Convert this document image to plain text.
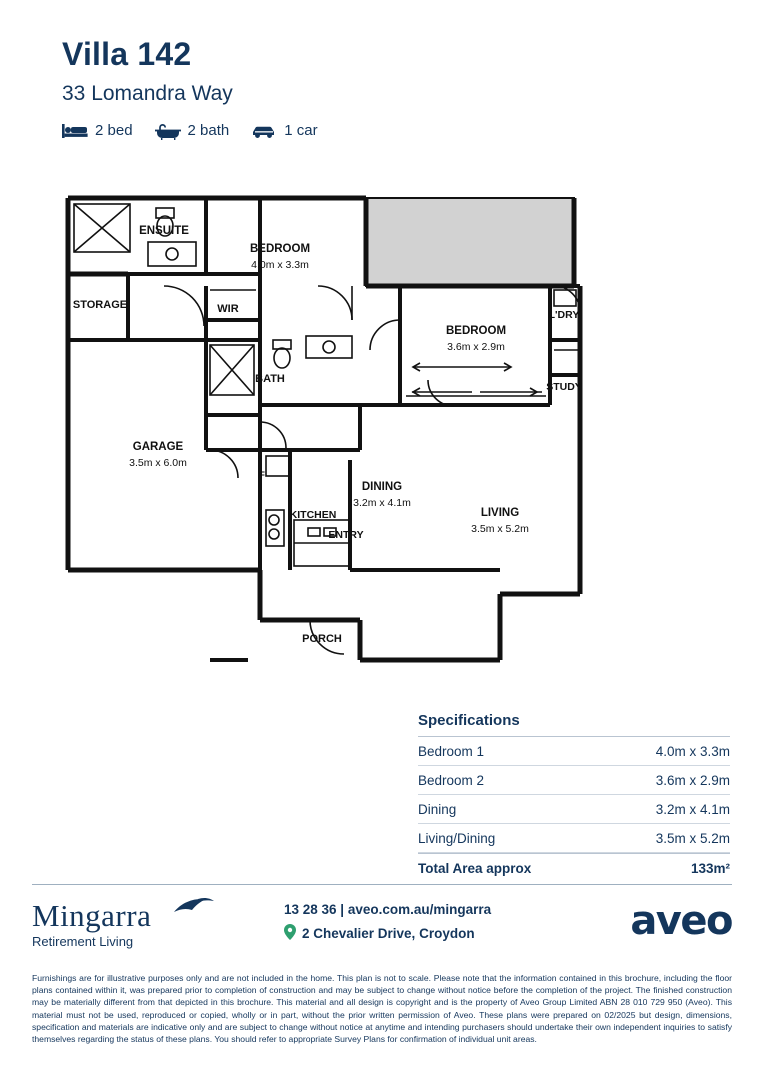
Villa 142
33 Lomandra Way
2 bed	2 bath	1 car
ENSUITE
BEDROOM
4.0m x 3.3m
STORAGE	WIR
BATH
BEDROOM
3.6m x 2.9m
L'DRY
STUDY
GARAGE
3.5m x 6.0m
F
KITCHEN
DINING
3.2m x 4.1m
LIVING
3.5m x 5.2m
ENTRY
PORCH
Specifications
Bedroom 1	4.0m x 3.3m
Bedroom 2	3.6m x 2.9m
Dining	3.2m x 4.1m
Living/Dining	3.5m x 5.2m
Total Area approx	133m²
Mingarra
Retirement Living
13 28 36 | aveo.com.au/mingarra
2 Chevalier Drive, Croydon	aveo
Furnishings are for illustrative purposes only and are not included in the home. This plan is not to scale. Please note that the information contained in this brochure, including the floor plans contained within it, was prepared prior to completion of construction and may be subject to change without notice before the completion of the project. The finished construction may be materially different from that depicted in this brochure. This material and all design is copyright and is the property of Aveo Group Limited ABN 28 010 729 950 (Aveo). This material must not be used, reproduced or copied, wholly or in part, without the prior written permission of Aveo. These plans were prepared on 02/2025 but design, dimensions, specification and materials are indicative only and are subject to change without notice at anytime and intending purchasers should undertake their own independent inquiries to satisfy themselves regarding the status of these plans. You should refer to appropriate Survey Plans for confirmation of individual unit areas.
